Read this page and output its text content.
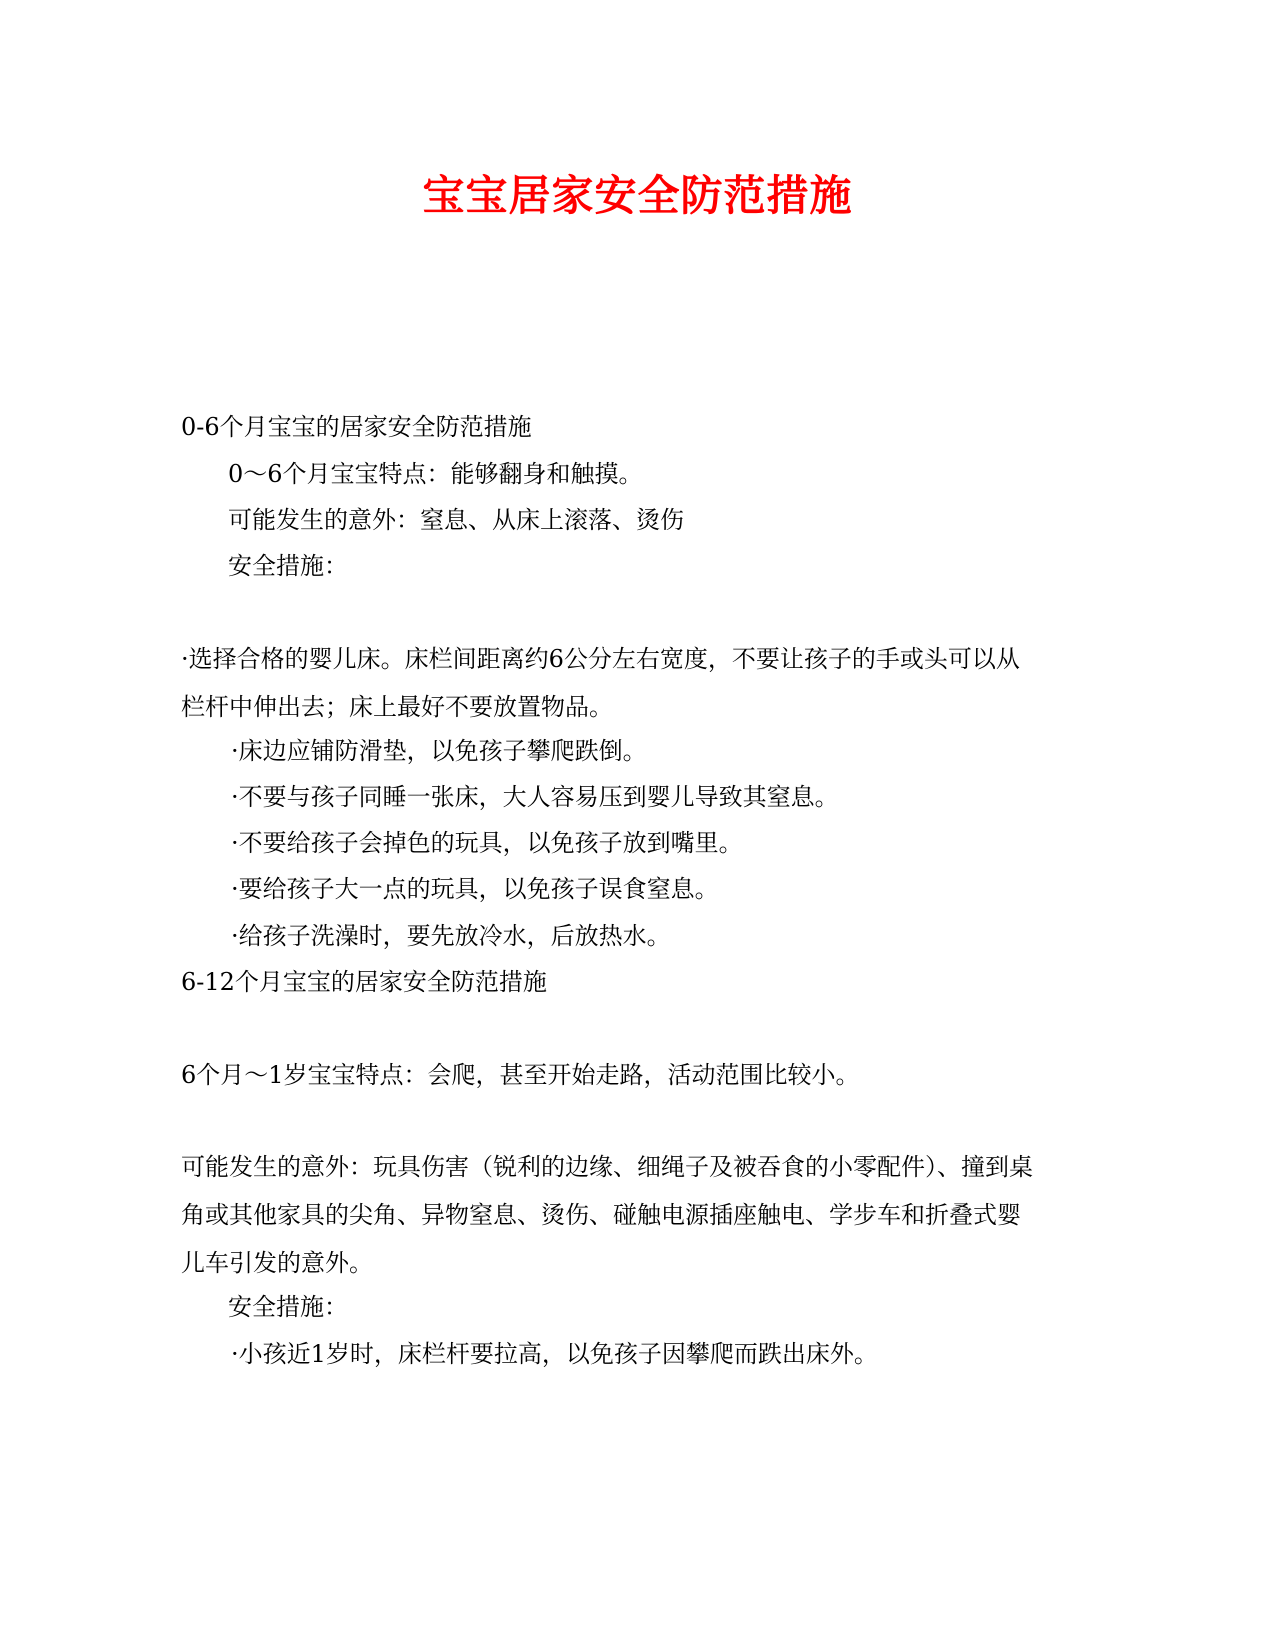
宝宝居家安全防范措施
0-6个月宝宝的居家安全防范措施
0～6个月宝宝特点：能够翻身和触摸。
可能发生的意外：窒息、从床上滚落、烫伤
安全措施：
·选择合格的婴儿床。床栏间距离约6公分左右宽度，不要让孩子的手或头可以从栏杆中伸出去；床上最好不要放置物品。
·床边应铺防滑垫，以免孩子攀爬跌倒。
·不要与孩子同睡一张床，大人容易压到婴儿导致其窒息。
·不要给孩子会掉色的玩具，以免孩子放到嘴里。
·要给孩子大一点的玩具，以免孩子误食窒息。
·给孩子洗澡时，要先放冷水，后放热水。
6-12个月宝宝的居家安全防范措施
6个月～1岁宝宝特点：会爬，甚至开始走路，活动范围比较小。
可能发生的意外：玩具伤害（锐利的边缘、细绳子及被吞食的小零配件）、撞到桌角或其他家具的尖角、异物窒息、烫伤、碰触电源插座触电、学步车和折叠式婴儿车引发的意外。
安全措施：
·小孩近1岁时，床栏杆要拉高，以免孩子因攀爬而跌出床外。
